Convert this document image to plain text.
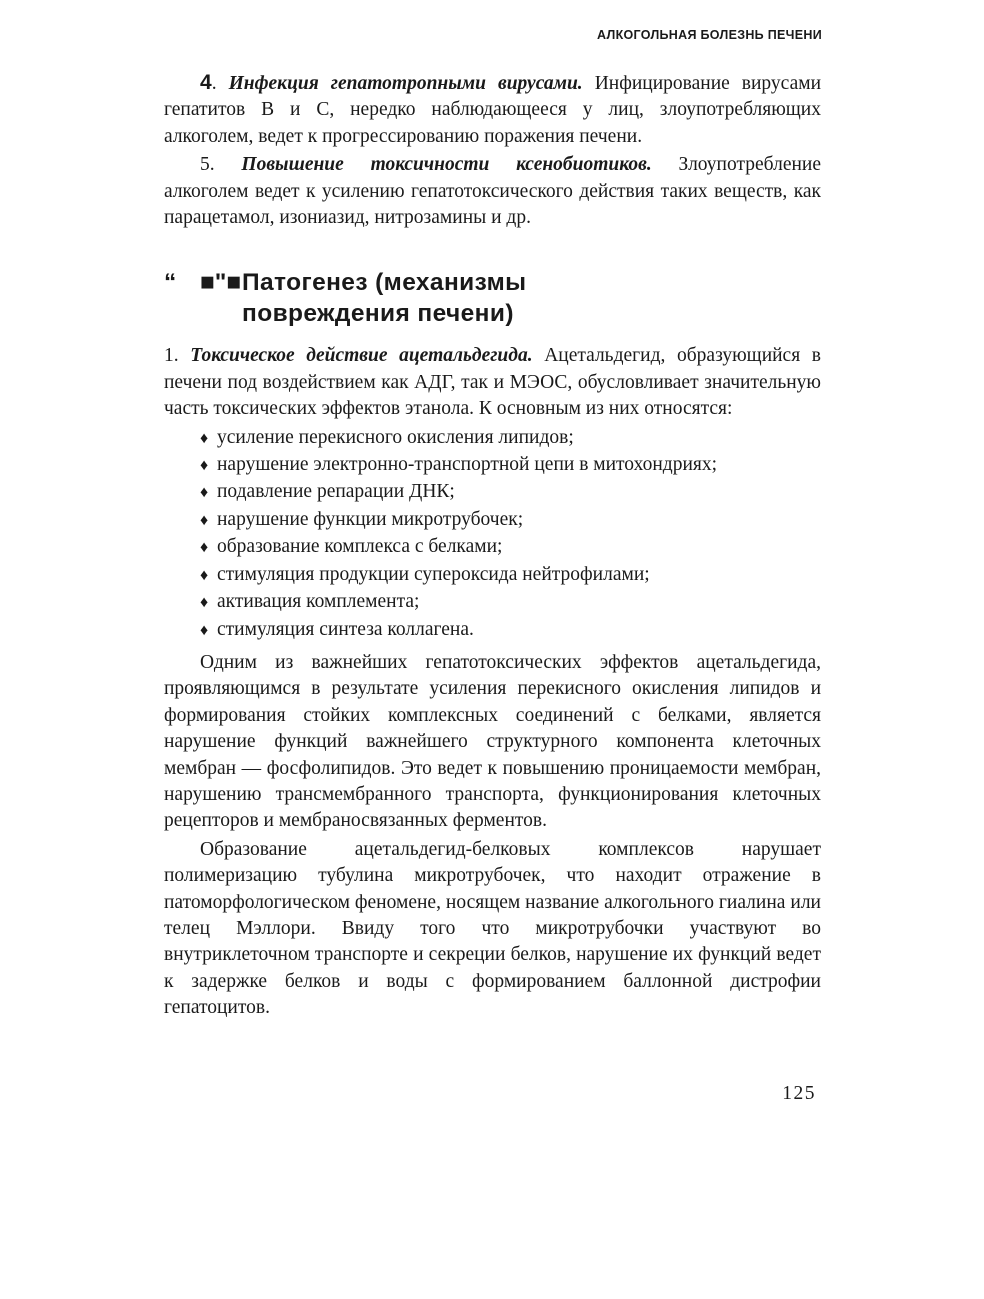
АЛКОГОЛЬНАЯ БОЛЕЗНЬ ПЕЧЕНИ

4. Инфекция гепатотропными вирусами. Инфицирование вирусами гепатитов В и С, нередко наблюдающееся у лиц, злоупотребляющих алкоголем, ведет к прогрессированию поражения печени.

5. Повышение токсичности ксенобиотиков. Злоупотребление алкоголем ведет к усилению гепатотоксического действия таких веществ, как парацетамол, изониазид, нитрозамины и др.

“ ■"■ Патогенез (механизмы
повреждения печени)

1. Токсическое действие ацетальдегида. Ацетальдегид, образующийся в печени под воздействием как АДГ, так и МЭОС, обусловливает значительную часть токсических эффектов этанола. К основным из них относятся:

♦ усиление перекисного окисления липидов;
♦ нарушение электронно-транспортной цепи в митохондриях;
♦ подавление репарации ДНК;
♦ нарушение функции микротрубочек;
♦ образование комплекса с белками;
♦ стимуляция продукции супероксида нейтрофилами;
♦ активация комплемента;
♦ стимуляция синтеза коллагена.

Одним из важнейших гепатотоксических эффектов ацетальдегида, проявляющимся в результате усиления перекисного окисления липидов и формирования стойких комплексных соединений с белками, является нарушение функций важнейшего структурного компонента клеточных мембран — фосфолипидов. Это ведет к повышению проницаемости мембран, нарушению трансмембранного транспорта, функционирования клеточных рецепторов и мембраносвязанных ферментов.

Образование ацетальдегид-белковых комплексов нарушает полимеризацию тубулина микротрубочек, что находит отражение в патоморфологическом феномене, носящем название алкогольного гиалина или телец Мэллори. Ввиду того что микротрубочки участвуют во внутриклеточном транспорте и секреции белков, нарушение их функций ведет к задержке белков и воды с формированием баллонной дистрофии гепатоцитов.

125
